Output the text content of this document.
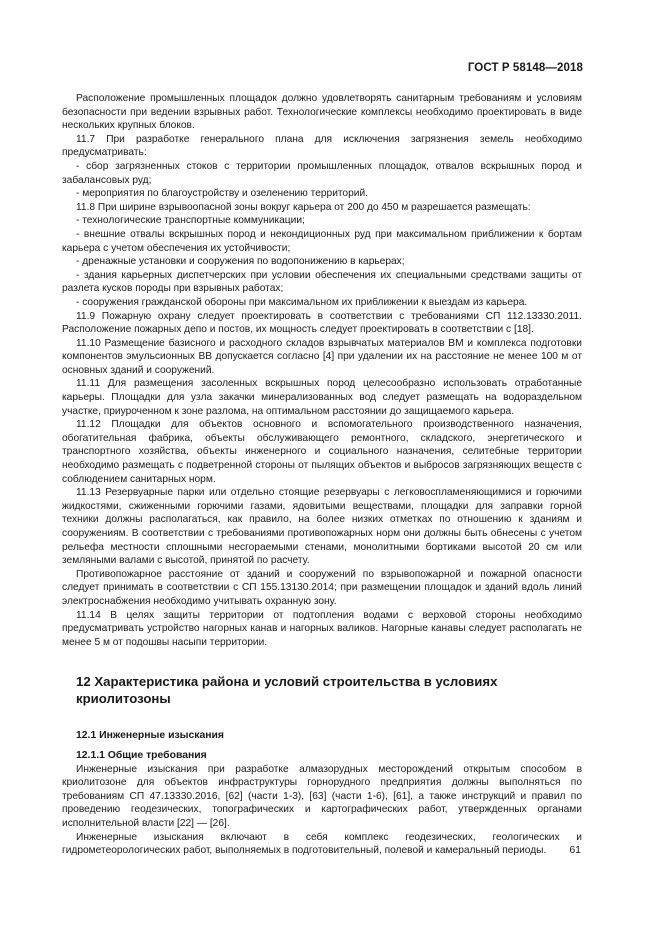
ГОСТ Р 58148—2018

Расположение промышленных площадок должно удовлетворять санитарным требованиям и условиям безопасности при ведении взрывных работ. Технологические комплексы необходимо проектировать в виде нескольких крупных блоков.

11.7 При разработке генерального плана для исключения загрязнения земель необходимо предусматривать:

- сбор загрязненных стоков с территории промышленных площадок, отвалов вскрышных пород и забалансовых руд;

- мероприятия по благоустройству и озеленению территорий.

11.8 При ширине взрывоопасной зоны вокруг карьера от 200 до 450 м разрешается размещать:

- технологические транспортные коммуникации;

- внешние отвалы вскрышных пород и некондиционных руд при максимальном приближении к бортам карьера с учетом обеспечения их устойчивости;

- дренажные установки и сооружения по водопонижению в карьерах;

- здания карьерных диспетчерских при условии обеспечения их специальными средствами защиты от разлета кусков породы при взрывных работах;

- сооружения гражданской обороны при максимальном их приближении к выездам из карьера.

11.9 Пожарную охрану следует проектировать в соответствии с требованиями СП 112.13330.2011. Расположение пожарных депо и постов, их мощность следует проектировать в соответствии с [18].

11.10 Размещение базисного и расходного складов взрывчатых материалов ВМ и комплекса подготовки компонентов эмульсионных ВВ допускается согласно [4] при удалении их на расстояние не менее 100 м от основных зданий и сооружений.

11.11 Для размещения засоленных вскрышных пород целесообразно использовать отработанные карьеры. Площадки для узла закачки минерализованных вод следует размещать на водораздельном участке, приуроченном к зоне разлома, на оптимальном расстоянии до защищаемого карьера.

11.12 Площадки для объектов основного и вспомогательного производственного назначения, обогатительная фабрика, объекты обслуживающего ремонтного, складского, энергетического и транспортного хозяйства, объекты инженерного и социального назначения, селитебные территории необходимо размещать с подветренной стороны от пылящих объектов и выбросов загрязняющих веществ с соблюдением санитарных норм.

11.13 Резервуарные парки или отдельно стоящие резервуары с легковоспламеняющимися и горючими жидкостями, сжиженными горючими газами, ядовитыми веществами, площадки для заправки горной техники должны располагаться, как правило, на более низких отметках по отношению к зданиям и сооружениям. В соответствии с требованиями противопожарных норм они должны быть обнесены с учетом рельефа местности сплошными несгораемыми стенами, монолитными бортиками высотой 20 см или земляными валами с высотой, принятой по расчету.

Противопожарное расстояние от зданий и сооружений по взрывопожарной и пожарной опасности следует принимать в соответствии с СП 155.13130.2014; при размещении площадок и зданий вдоль линий электроснабжения необходимо учитывать охранную зону.

11.14 В целях защиты территории от подтопления водами с верховой стороны необходимо предусматривать устройство нагорных канав и нагорных валиков. Нагорные канавы следует располагать не менее 5 м от подошвы насыпи территории.

12 Характеристика района и условий строительства в условиях криолитозоны
12.1 Инженерные изыскания
12.1.1 Общие требования

Инженерные изыскания при разработке алмазорудных месторождений открытым способом в криолитозоне для объектов инфраструктуры горнорудного предприятия должны выполняться по требованиям СП 47.13330.2016, [62] (части 1-3), [63] (части 1-6), [61], а также инструкций и правил по проведению геодезических, топографических и картографических работ, утвержденных органами исполнительной власти [22] — [26].

Инженерные изыскания включают в себя комплекс геодезических, геологических и гидрометеорологических работ, выполняемых в подготовительный, полевой и камеральный периоды.	61
